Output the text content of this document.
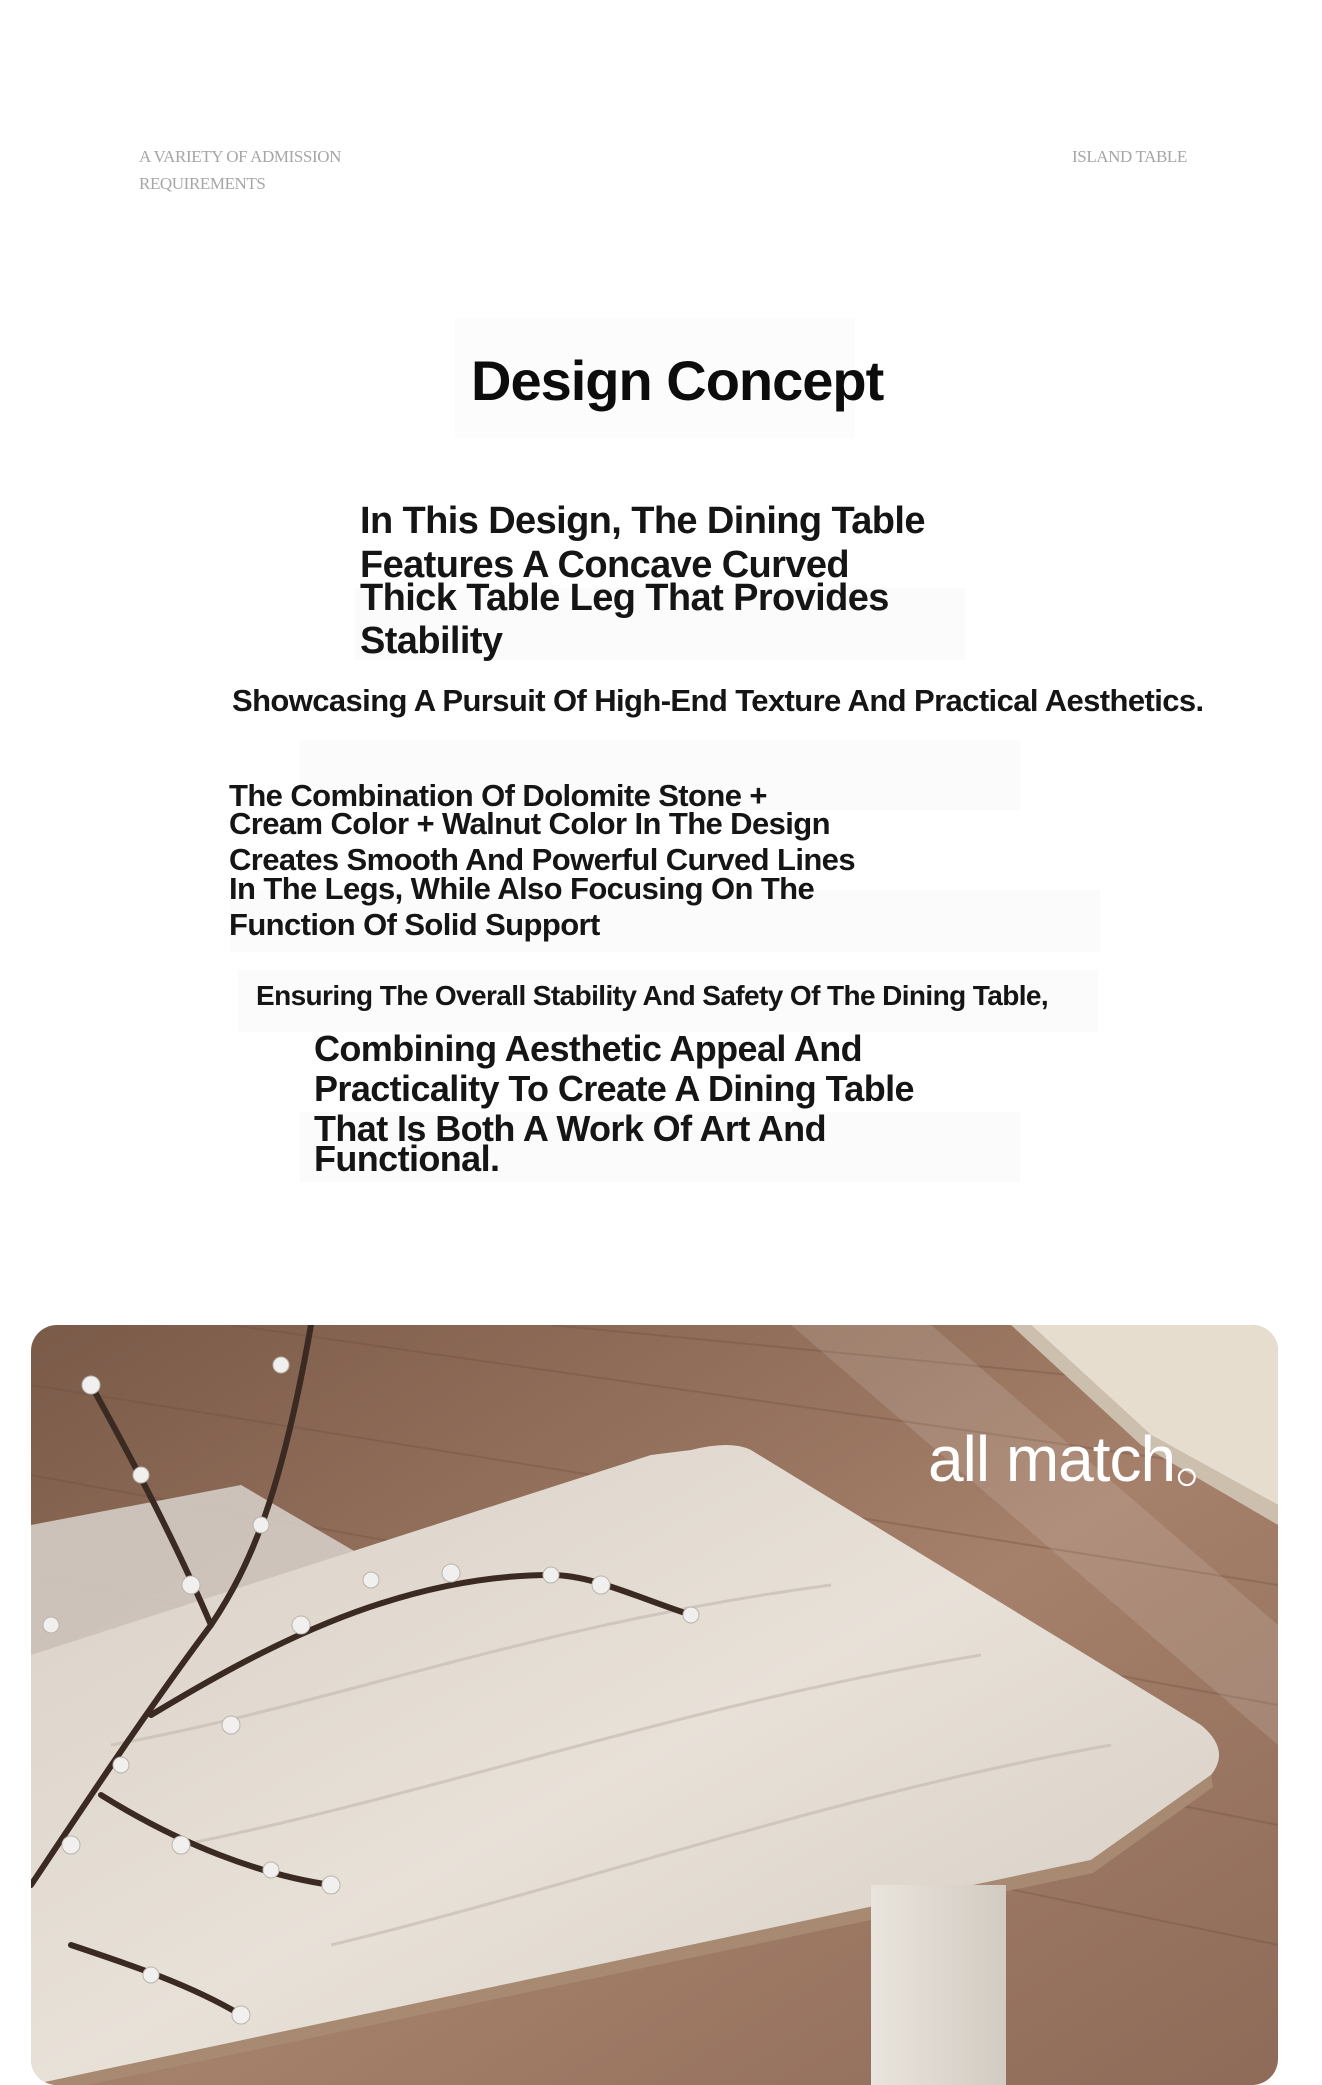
A VARIETY OF ADMISSION
REQUIREMENTS
ISLAND TABLE
Design Concept
In This Design, The Dining Table
Features A Concave Curved
Thick Table Leg That Provides
Stability
Showcasing A Pursuit Of High-End Texture And Practical Aesthetics.
The Combination Of Dolomite Stone +
Cream Color + Walnut Color In The Design
Creates Smooth And Powerful Curved Lines
In The Legs, While Also Focusing On The
Function Of Solid Support
Ensuring The Overall Stability And Safety Of The Dining Table,
Combining Aesthetic Appeal And
Practicality To Create A Dining Table
That Is Both A Work Of Art And
Functional.
all match。
